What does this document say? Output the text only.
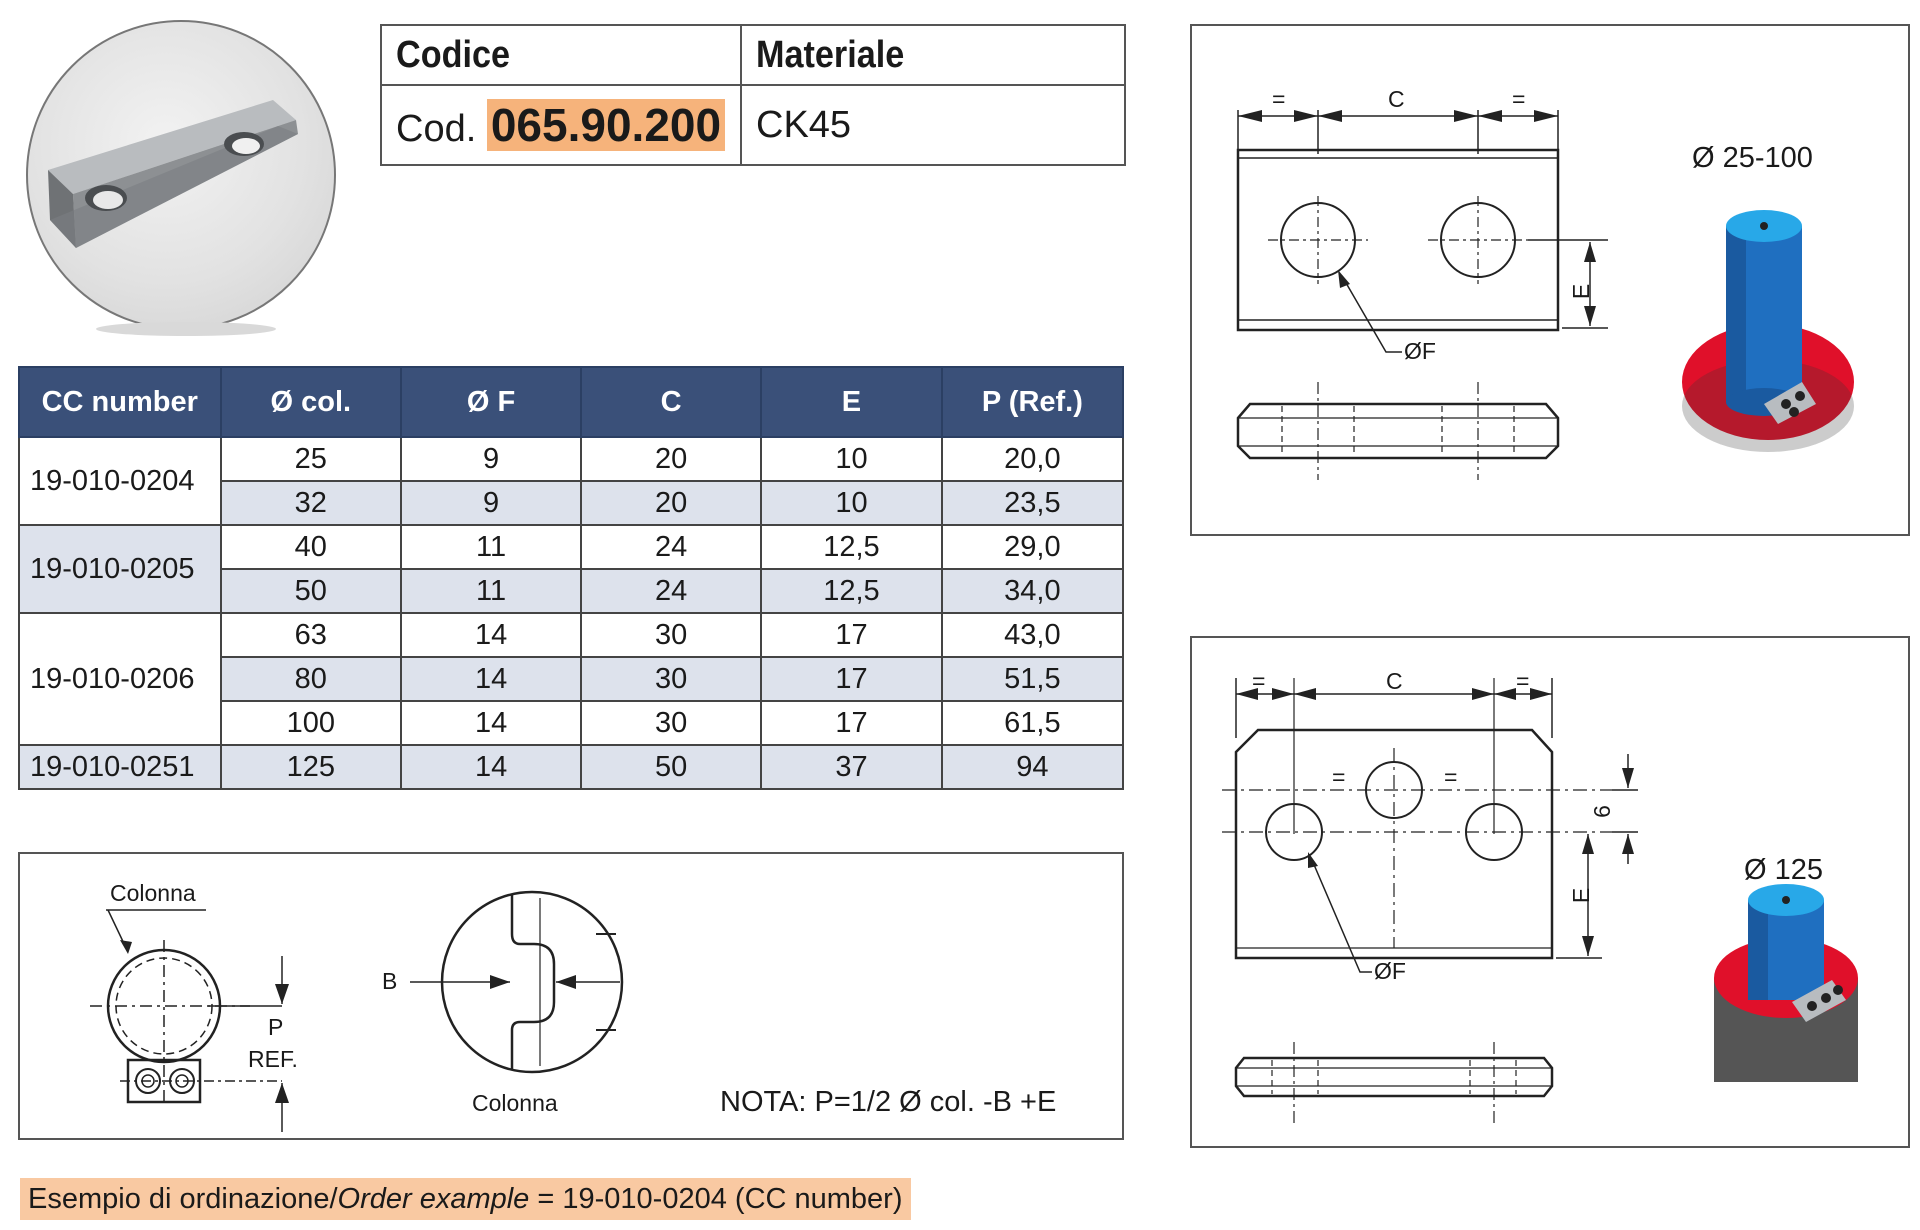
Codice	Materiale

Cod. 065.90.200	CK45
CC number	Ø col.	Ø F	C	E	P (Ref.)
19-010-0204	25	9	20	10	20,0
	32	9	20	10	23,5
19-010-0205	40	11	24	12,5	29,0
	50	11	24	12,5	34,0
19-010-0206	63	14	30	17	43,0
	80	14	30	17	51,5
	100	14	30	17	61,5
19-010-0251	125	14	50	37	94
Colonna
P
REF.
B
Colonna	NOTA: P=1/2 Ø col. -B +E
Esempio di ordinazione/Order example = 19-010-0204 (CC number)
=	C	=
E
ØF
Ø 25-100
=	C	=
=	=
6
E
ØF
Ø 125
